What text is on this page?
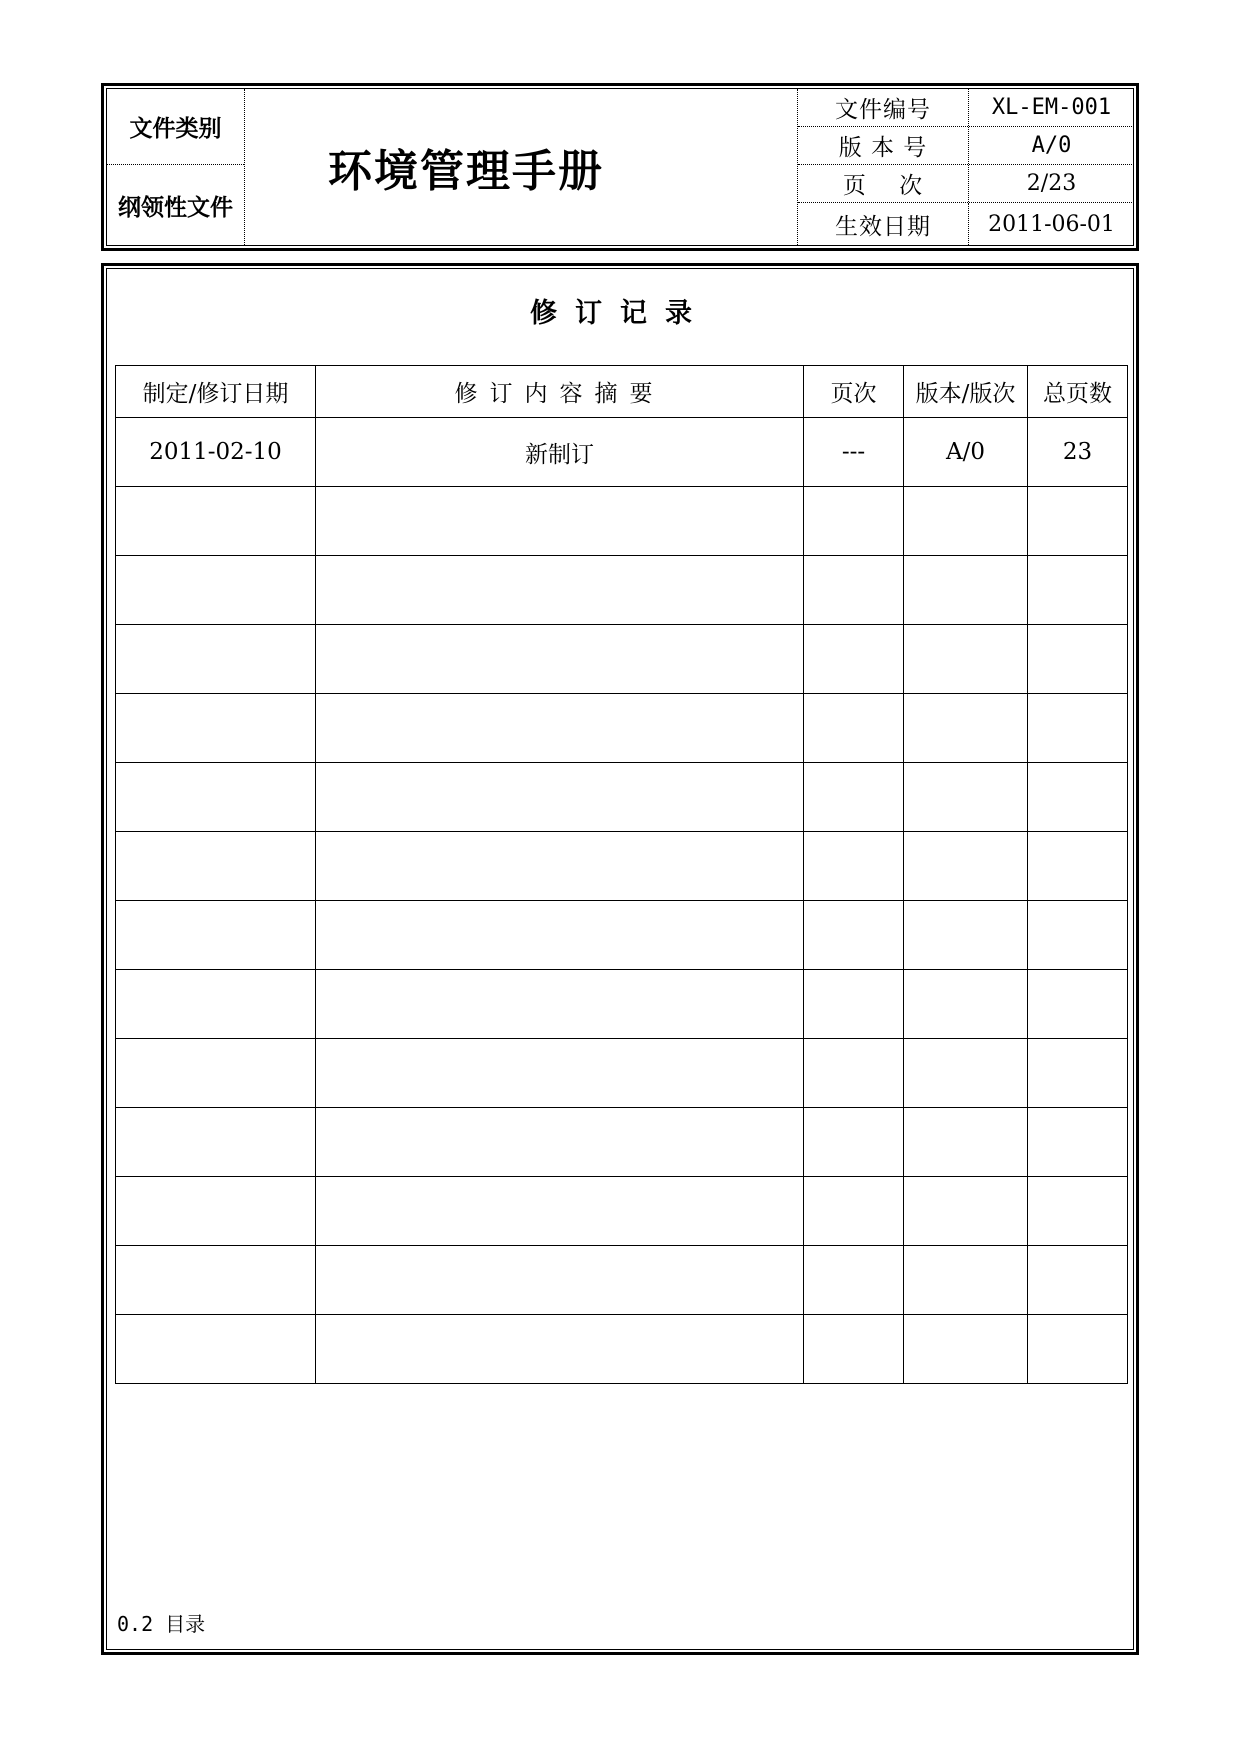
文件类别
纲领性文件
环境管理手册
文件编号	XL-EM-001
版 本 号	A/0
页　 次	2/23
生效日期	2011-06-01
修订记录
制定/修订日期	修订内容摘要	页次	版本/版次	总页数
2011-02-10	新制订	---	A/0	23

0.2 目录
